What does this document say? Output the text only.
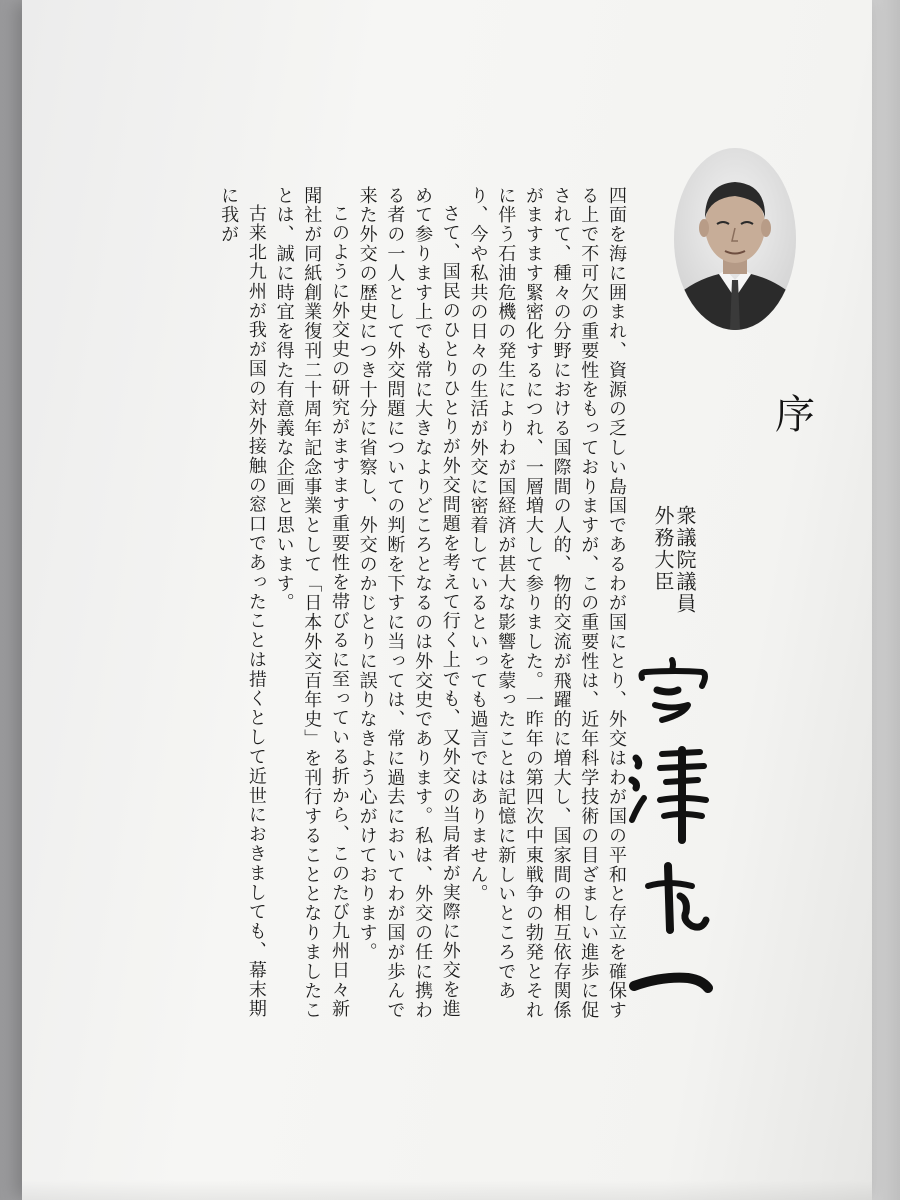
序
衆議院議員
外務大臣

四面を海に囲まれ、資源の乏しい島国であるわが国にとり、外交はわが国の平和と存立を確保する上で不可欠の重要性をもっておりますが、この重要性は、近年科学技術の目ざましい進歩に促されて、種々の分野における国際間の人的、物的交流が飛躍的に増大し、国家間の相互依存関係がますます緊密化するにつれ、一層増大して参りました。一昨年の第四次中東戦争の勃発とそれに伴う石油危機の発生によりわが国経済が甚大な影響を蒙ったことは記憶に新しいところであり、今や私共の日々の生活が外交に密着しているといっても過言ではありません。

さて、国民のひとりひとりが外交問題を考えて行く上でも、又外交の当局者が実際に外交を進めて参ります上でも常に大きなよりどころとなるのは外交史であります。私は、外交の任に携わる者の一人として外交問題についての判断を下すに当っては、常に過去においてわが国が歩んで来た外交の歴史につき十分に省察し、外交のかじとりに誤りなきよう心がけております。

このように外交史の研究がますます重要性を帯びるに至っている折から、このたび九州日々新聞社が同紙創業復刊二十周年記念事業として「日本外交百年史」を刊行することとなりましたことは、誠に時宜を得た有意義な企画と思います。

古来北九州が我が国の対外接触の窓口であったことは措くとして近世におきましても、幕末期に我が
